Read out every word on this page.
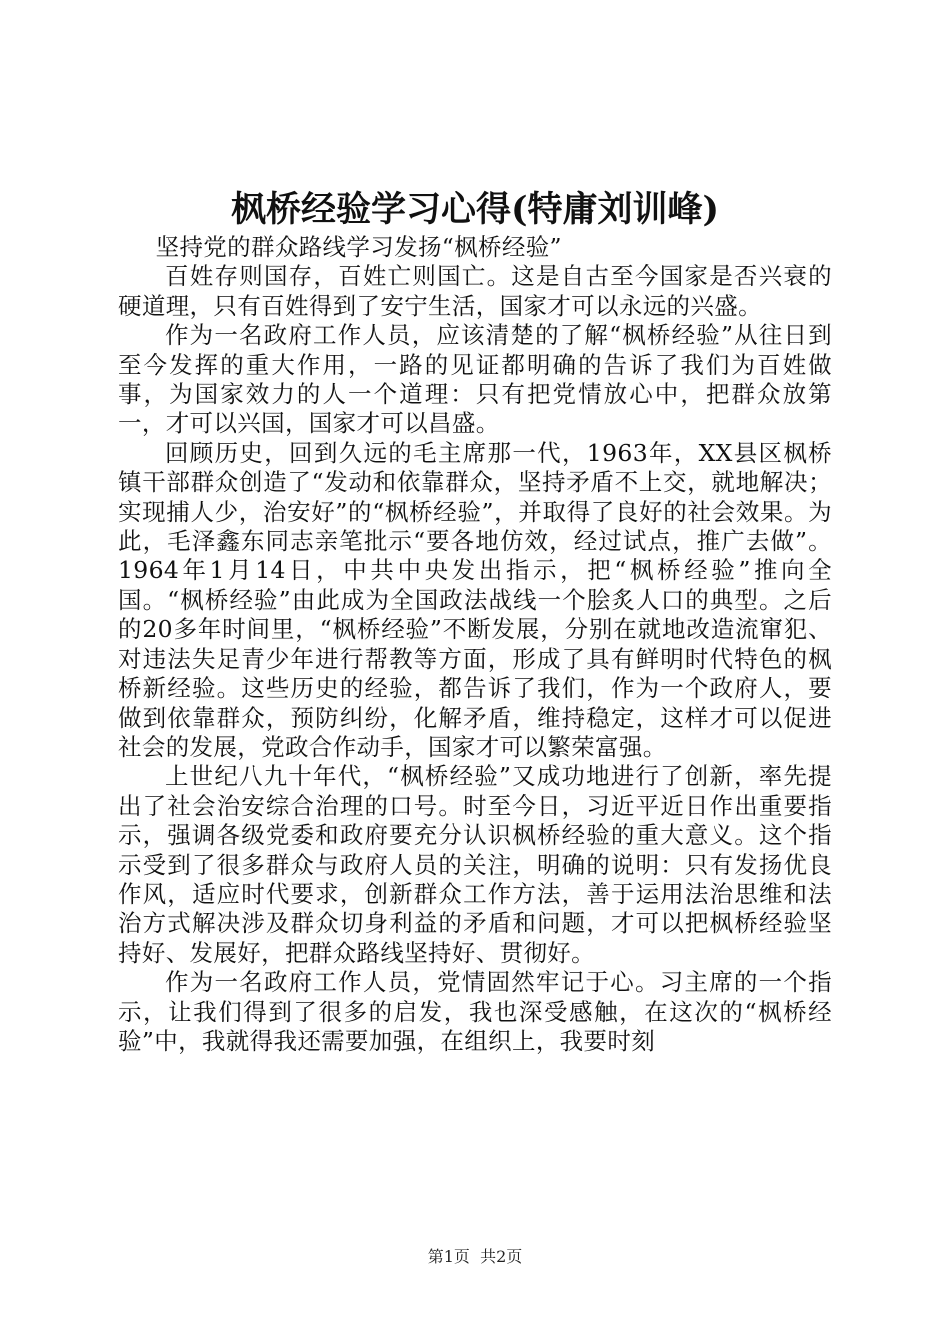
枫桥经验学习心得(特庸刘训峰)
坚持党的群众路线学习发扬“枫桥经验”

百姓存则国存，百姓亡则国亡。这是自古至今国家是否兴衰的硬道理，只有百姓得到了安宁生活，国家才可以永远的兴盛。

作为一名政府工作人员，应该清楚的了解“枫桥经验”从往日到至今发挥的重大作用，一路的见证都明确的告诉了我们为百姓做事，为国家效力的人一个道理：只有把党情放心中，把群众放第一，才可以兴国，国家才可以昌盛。

回顾历史，回到久远的毛主席那一代，1963年，XX县区枫桥镇干部群众创造了“发动和依靠群众，坚持矛盾不上交，就地解决；实现捕人少，治安好”的“枫桥经验”，并取得了良好的社会效果。为此，毛泽鑫东同志亲笔批示“要各地仿效，经过试点，推广去做”。1964年1月14日，中共中央发出指示，把“枫桥经验”推向全国。“枫桥经验”由此成为全国政法战线一个脍炙人口的典型。之后的20多年时间里，“枫桥经验”不断发展，分别在就地改造流窜犯、对违法失足青少年进行帮教等方面，形成了具有鲜明时代特色的枫桥新经验。这些历史的经验，都告诉了我们，作为一个政府人，要做到依靠群众，预防纠纷，化解矛盾，维持稳定，这样才可以促进社会的发展，党政合作动手，国家才可以繁荣富强。

上世纪八九十年代，“枫桥经验”又成功地进行了创新，率先提出了社会治安综合治理的口号。时至今日，习近平近日作出重要指示，强调各级党委和政府要充分认识枫桥经验的重大意义。这个指示受到了很多群众与政府人员的关注，明确的说明：只有发扬优良作风，适应时代要求，创新群众工作方法，善于运用法治思维和法治方式解决涉及群众切身利益的矛盾和问题，才可以把枫桥经验坚持好、发展好，把群众路线坚持好、贯彻好。

作为一名政府工作人员，党情固然牢记于心。习主席的一个指示，让我们得到了很多的启发，我也深受感触，在这次的“枫桥经验”中，我就得我还需要加强，在组织上，我要时刻

第1页 共2页
